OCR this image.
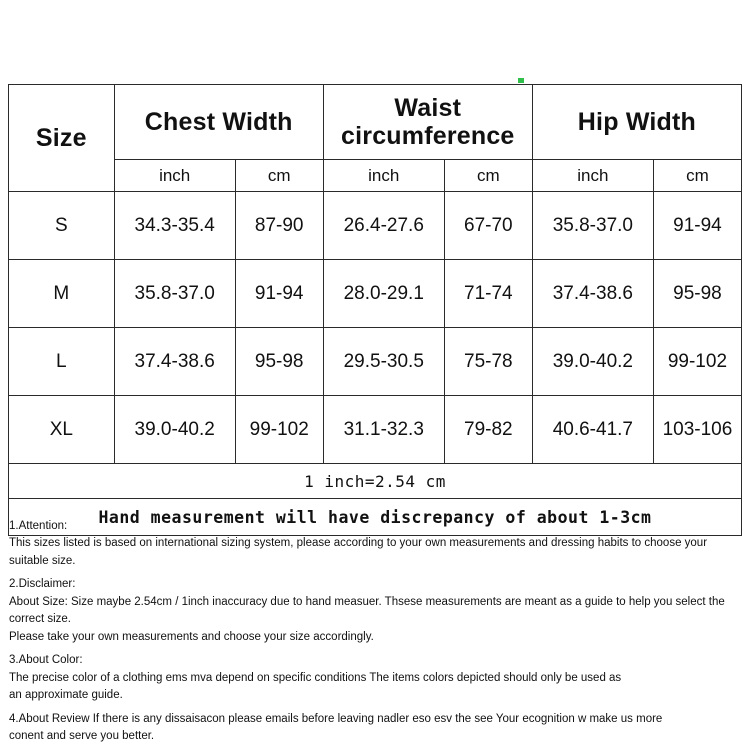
Size	Chest Width		Waist circumference		Hip Width	
	inch	cm	inch	cm	inch	cm
S	34.3-35.4	87-90	26.4-27.6	67-70	35.8-37.0	91-94
M	35.8-37.0	91-94	28.0-29.1	71-74	37.4-38.6	95-98
L	37.4-38.6	95-98	29.5-30.5	75-78	39.0-40.2	99-102
XL	39.0-40.2	99-102	31.1-32.3	79-82	40.6-41.7	103-106
1 inch=2.54 cm						
Hand measurement will have discrepancy of about 1-3cm						

1.Attention:

This sizes listed is based on international sizing system, please according to your own measurements and dressing habits to choose your suitable size.

2.Disclaimer:

About Size: Size maybe 2.54cm / 1inch inaccuracy due to hand measuer. Thsese measurements are meant as a guide to help you select the correct size.

Please take your own measurements and choose your size accordingly.

3.About Color:

The precise color of a clothing ems mva depend on specific conditions The items colors depicted should only be used as

an approximate guide.

4.About Review If there is any dissaisacon please emails before leaving nadler eso esv the see Your ecognition w make us more

conent and serve you better.
